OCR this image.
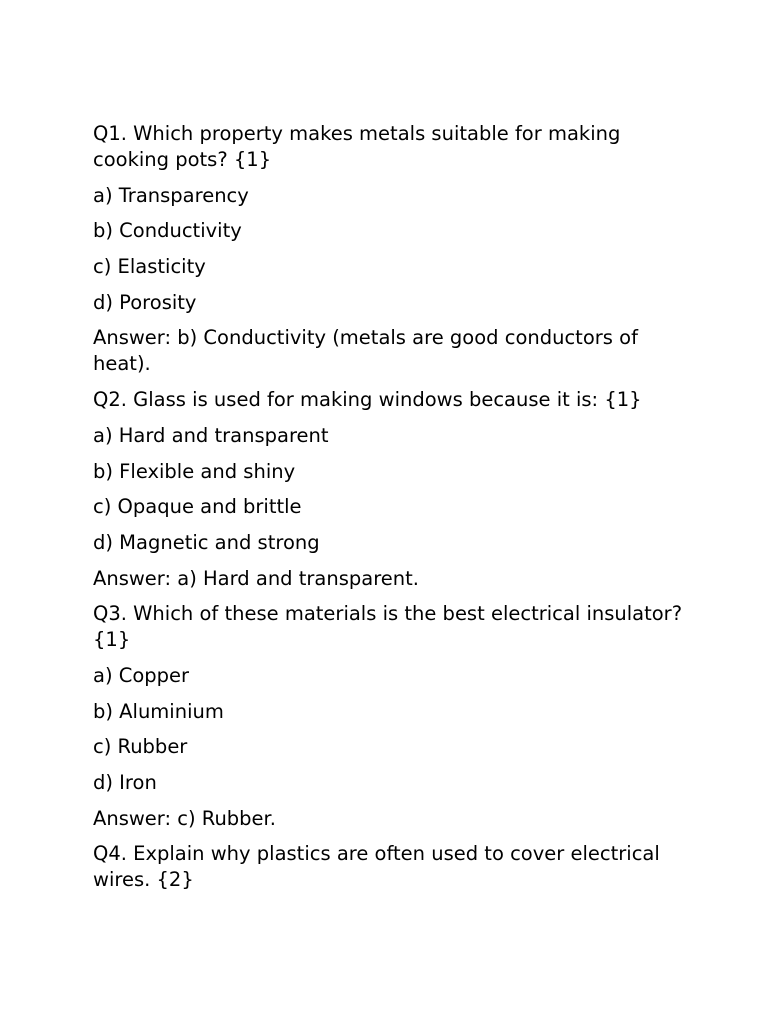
Q1. Which property makes metals suitable for making cooking pots? {1}
a) Transparency
b) Conductivity
c) Elasticity
d) Porosity
Answer: b) Conductivity (metals are good conductors of heat).
Q2. Glass is used for making windows because it is: {1}
a) Hard and transparent
b) Flexible and shiny
c) Opaque and brittle
d) Magnetic and strong
Answer: a) Hard and transparent.
Q3. Which of these materials is the best electrical insulator? {1}
a) Copper
b) Aluminium
c) Rubber
d) Iron
Answer: c) Rubber.
Q4. Explain why plastics are often used to cover electrical wires. {2}
